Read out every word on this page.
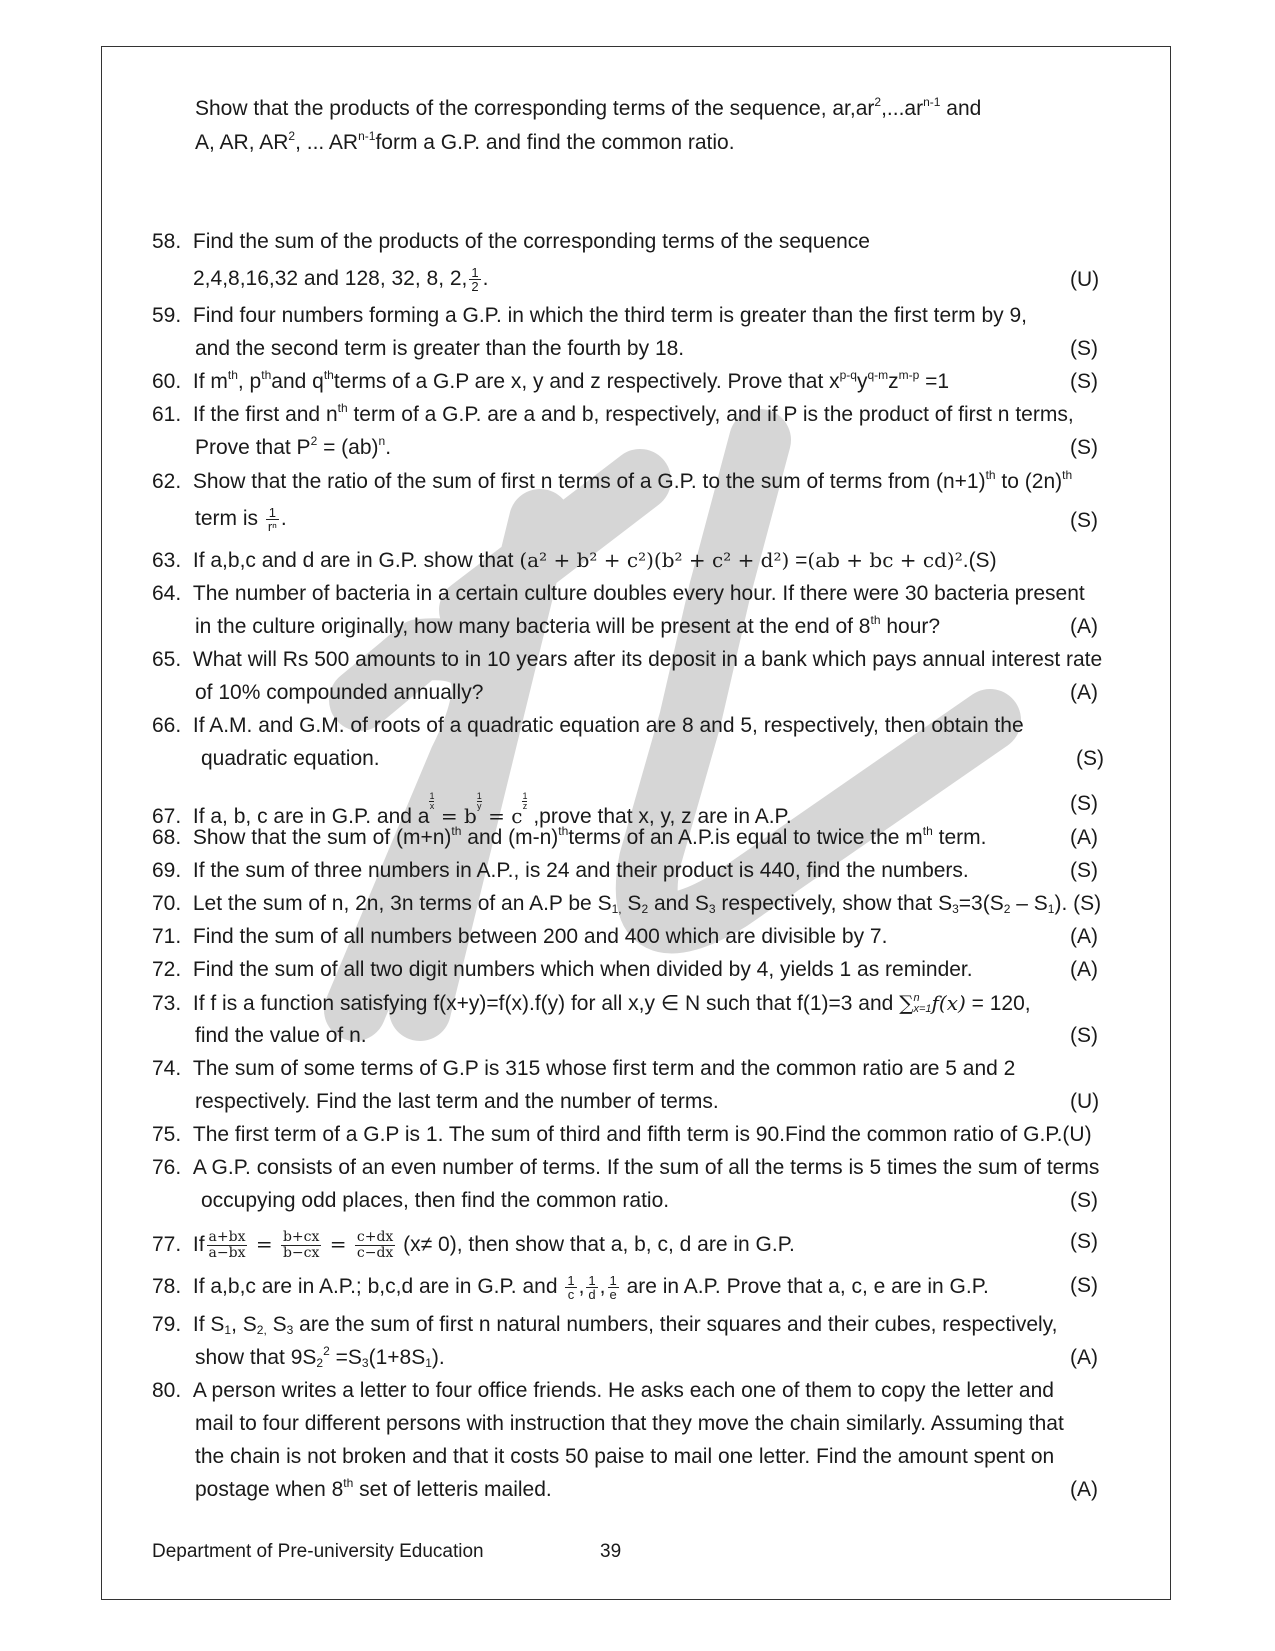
Show that the products of the corresponding terms of the sequence, $ar,ar^2,...ar^{n-1}$ and
A, AR, $AR^2$, ... AR$^{n-1}$form a G.P. and find the common ratio.
58. Find the sum of the products of the corresponding terms of the sequence
2,4,8,16,32 and 128, 32, 8, 2, $\frac{1}{2}$ .	(U)
59. Find four numbers forming a G.P. in which the third term is greater than the first term by 9,
and the second term is greater than the fourth by 18.	(S)
60. If $m^{th}$, $p^{th}and$ $q^{th}terms$ of a G.P are x, y and z respectively. Prove that $x^{p-q}y^{q-m}z^{m-p} =1$	(S)
61. If the first and $n^{th}$ term of a G.P. are a and b, respectively, and if P is the product of first n terms,
Prove that $P^2 = (ab)^n$.	(S)
62. Show that the ratio of the sum of first n terms of a G.P. to the sum of terms from $(n+1)^{th}$ to $(2n)^{th}$
term is $\frac{1}{\text{rⁿ}}$ .	(S)
63. If a,b,c and d are in G.P. show that (a² + b² + c²)(b² + c² + d²) =(ab + bc + cd)².(S)
64. The number of bacteria in a certain culture doubles every hour. If there were 30 bacteria present
in the culture originally, how many bacteria will be present at the end of 8th hour?	(A)
65. What will Rs 500 amounts to in 10 years after its deposit in a bank which pays annual interest rate
of 10% compounded annually?	(A)
66. If A.M. and G.M. of roots of a quadratic equation are 8 and 5, respectively, then obtain the
quadratic equation.	(S)
67. If a, b, c are in G.P. and a
$\frac{1}{x}$
= b
$\frac{1}{y}$
= c
$\frac{1}{z}$
,prove that x, y, z are in A.P.
(S)
68. Show that the sum of $(m+n)^{th}$ and $(m-n)^{th}terms$ of an A.P.is equal to twice the $m^{th}$ term.	(A)
69. If the sum of three numbers in A.P., is 24 and their product is 440, find the numbers.	(S)
70. Let the sum of n, 2n, 3n terms of an A.P be $S_{1,}$ $S_2$ and $S_3$ respectively, show that $S_3=3(S_2 - S_1)$. (S)
71. Find the sum of all numbers between 200 and 400 which are divisible by 7.	(A)
72. Find the sum of all two digit numbers which when divided by 4, yields 1 as reminder.	(A)
73. If f is a function satisfying f(x+y)=f(x).f(y) for all x,y ∈ N such that f(1)=3 and ∑ n
x=1 f(x) = 120,
find the value of n.	(S)
74. The sum of some terms of G.P is 315 whose first term and the common ratio are 5 and 2
respectively. Find the last term and the number of terms.	(U)
75. The first term of a G.P is 1. The sum of third and fifth term is 90.Find the common ratio of G.P.(U)
76. A G.P. consists of an even number of terms. If the sum of all the terms is 5 times the sum of terms
occupying odd places, then find the common ratio.	(S)
77. If $\frac{a+bx}{a-bx} = \frac{b+cx}{b-cx} = \frac{c+dx}{c-dx} (x\ne 0)$, then show that a, b, c, d are in G.P.	(S)
78. If a,b,c are in A.P.; b,c,d are in G.P. and $\frac{1}{c}$ , $\frac{1}{d}$ , $\frac{1}{e}$ are in A.P. Prove that a, c, e are in G.P.	(S)
79. If $S_1$, $S_{2,}$ $S_3$ are the sum of first n natural numbers, their squares and their cubes, respectively,
show that $9S_2^2 =S_3(1+8S_1)$.	(A)
80. A person writes a letter to four office friends. He asks each one of them to copy the letter and
mail to four different persons with instruction that they move the chain similarly. Assuming that
the chain is not broken and that it costs 50 paise to mail one letter. Find the amount spent on
postage when 8th set of letteris mailed.	(A)
Department of Pre-university Education	39
